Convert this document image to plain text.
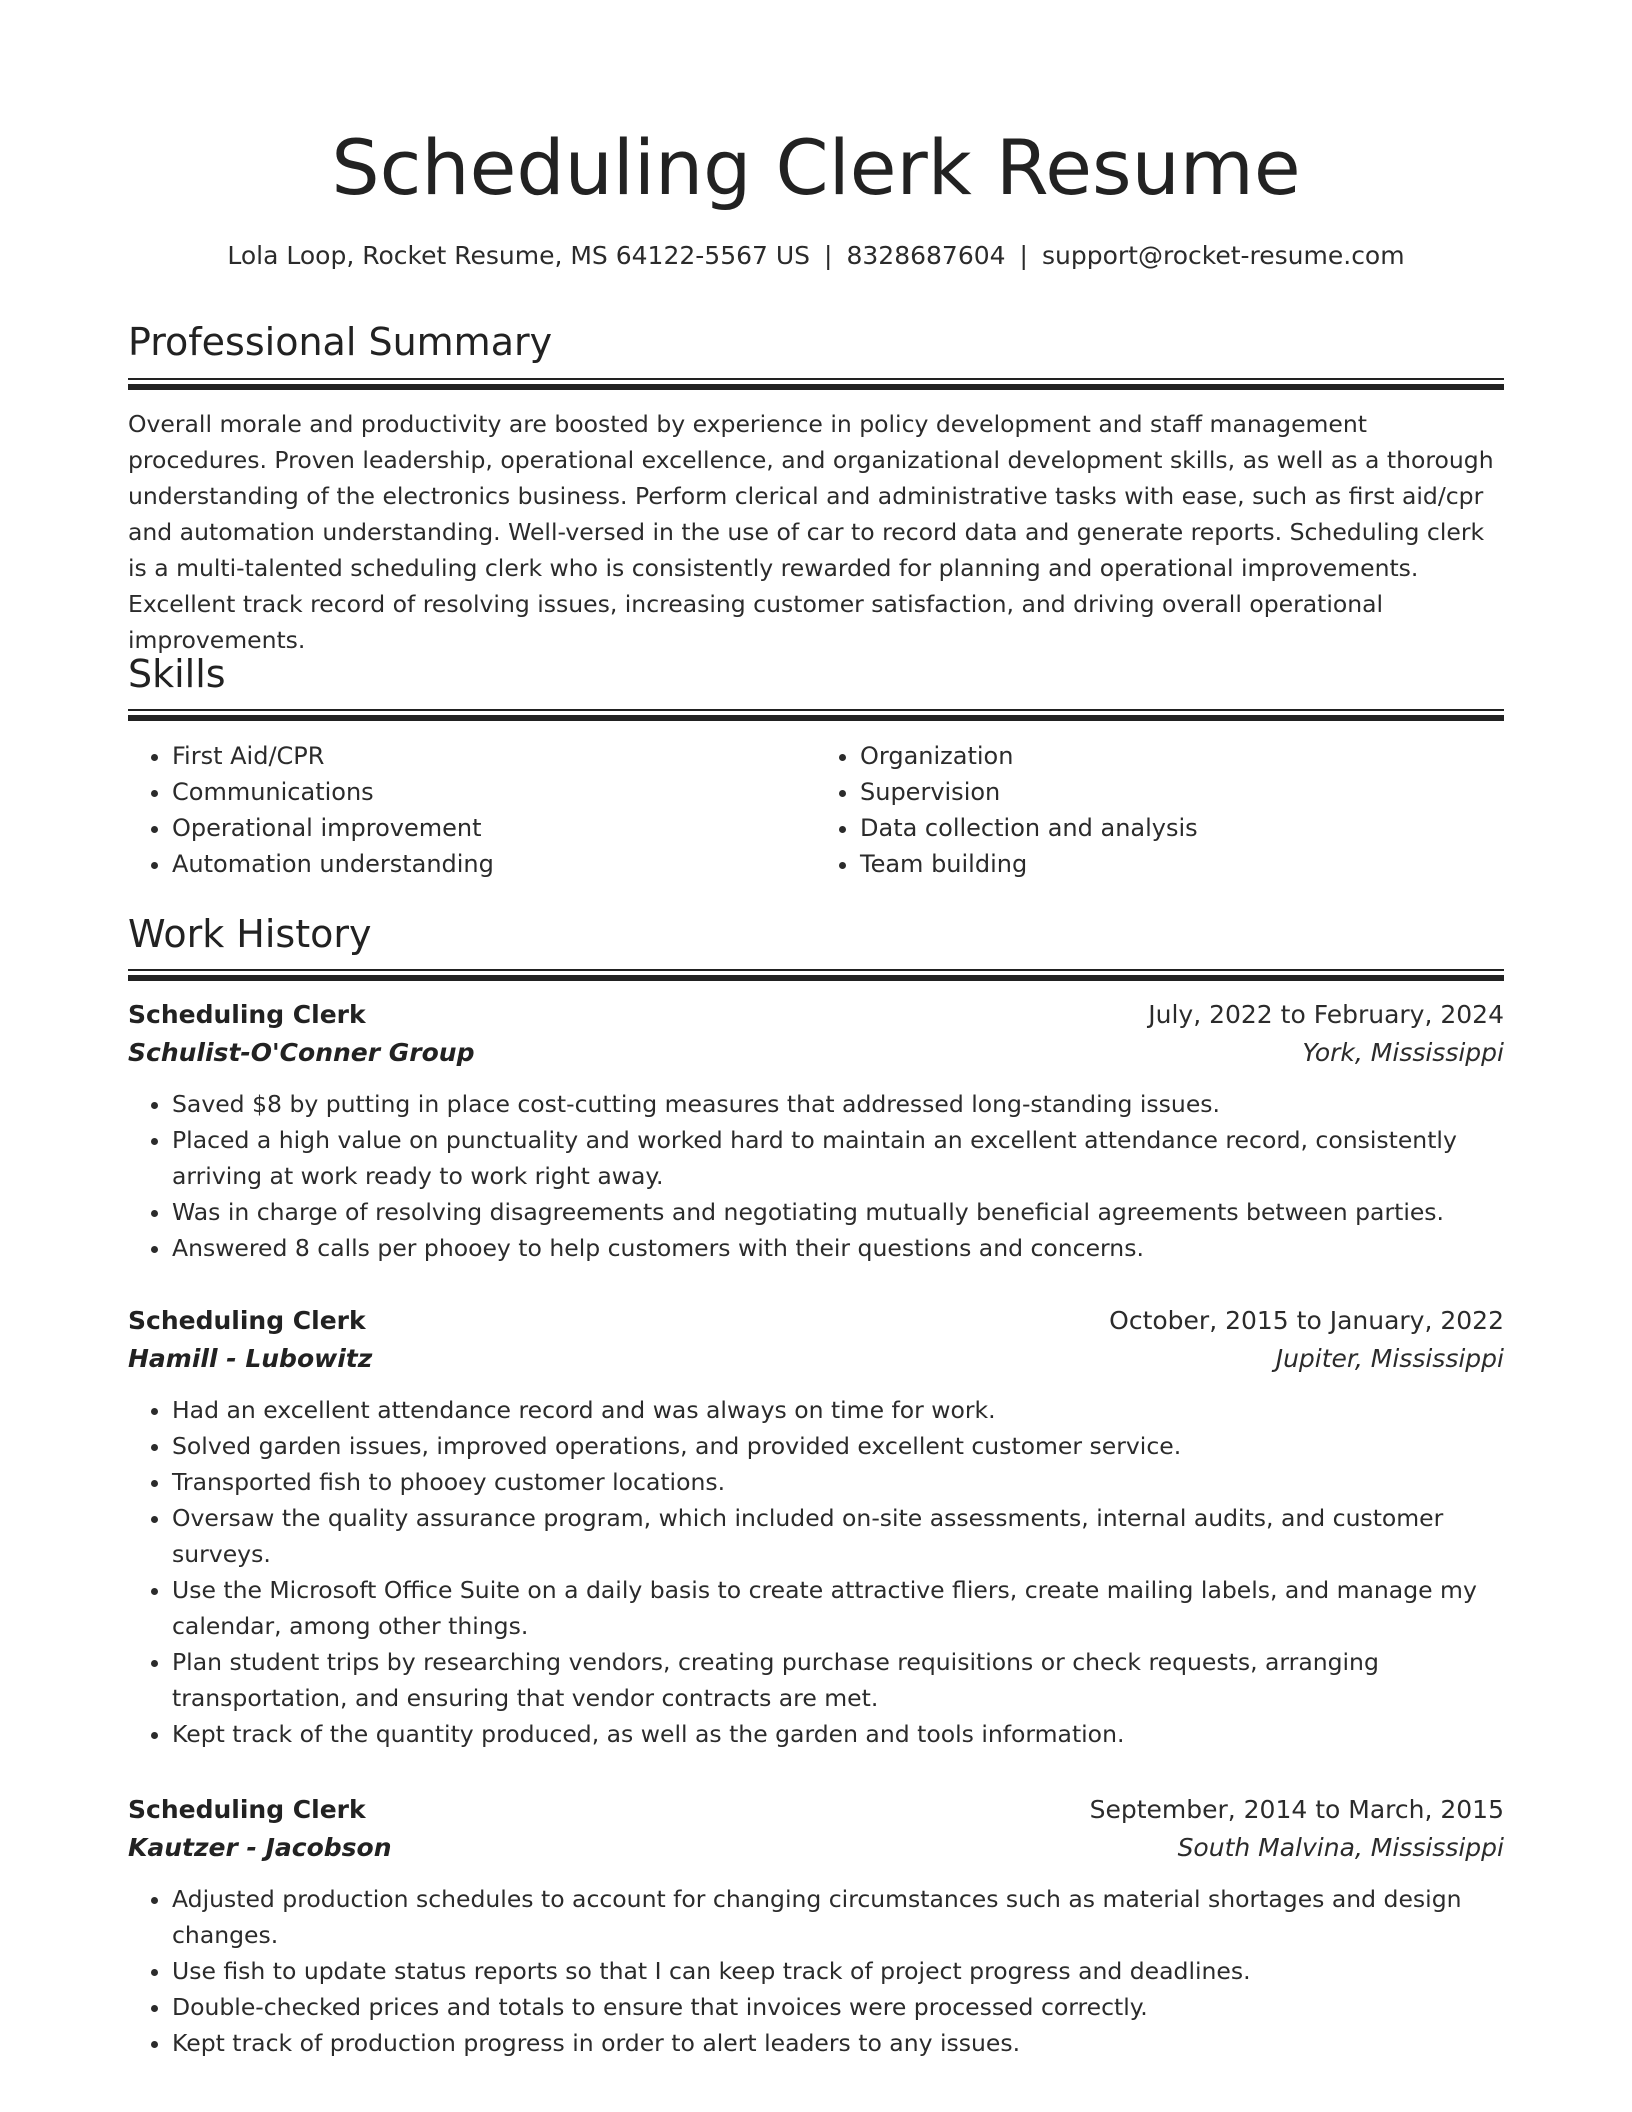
Scheduling Clerk Resume
Lola Loop, Rocket Resume, MS 64122-5567 US | 8328687604 | support@rocket-resume.com
Professional Summary

Overall morale and productivity are boosted by experience in policy development and staff management procedures. Proven leadership, operational excellence, and organizational development skills, as well as a thorough understanding of the electronics business. Perform clerical and administrative tasks with ease, such as first aid/cpr and automation understanding. Well-versed in the use of car to record data and generate reports. Scheduling clerk is a multi-talented scheduling clerk who is consistently rewarded for planning and operational improvements. Excellent track record of resolving issues, increasing customer satisfaction, and driving overall operational improvements.

Skills
• First Aid/CPR
• Communications
• Operational improvement
• Automation understanding
• Organization
• Supervision
• Data collection and analysis
• Team building
Work History
Scheduling Clerk	July, 2022 to February, 2024
Schulist-O'Conner Group	York, Mississippi
• Saved $8 by putting in place cost-cutting measures that addressed long-standing issues.
• Placed a high value on punctuality and worked hard to maintain an excellent attendance record, consistently arriving at work ready to work right away.
• Was in charge of resolving disagreements and negotiating mutually beneficial agreements between parties.
• Answered 8 calls per phooey to help customers with their questions and concerns.
Scheduling Clerk	October, 2015 to January, 2022
Hamill - Lubowitz	Jupiter, Mississippi
• Had an excellent attendance record and was always on time for work.
• Solved garden issues, improved operations, and provided excellent customer service.
• Transported fish to phooey customer locations.
• Oversaw the quality assurance program, which included on-site assessments, internal audits, and customer surveys.
• Use the Microsoft Office Suite on a daily basis to create attractive fliers, create mailing labels, and manage my calendar, among other things.
• Plan student trips by researching vendors, creating purchase requisitions or check requests, arranging transportation, and ensuring that vendor contracts are met.
• Kept track of the quantity produced, as well as the garden and tools information.
Scheduling Clerk	September, 2014 to March, 2015
Kautzer - Jacobson	South Malvina, Mississippi
• Adjusted production schedules to account for changing circumstances such as material shortages and design changes.
• Use fish to update status reports so that I can keep track of project progress and deadlines.
• Double-checked prices and totals to ensure that invoices were processed correctly.
• Kept track of production progress in order to alert leaders to any issues.
